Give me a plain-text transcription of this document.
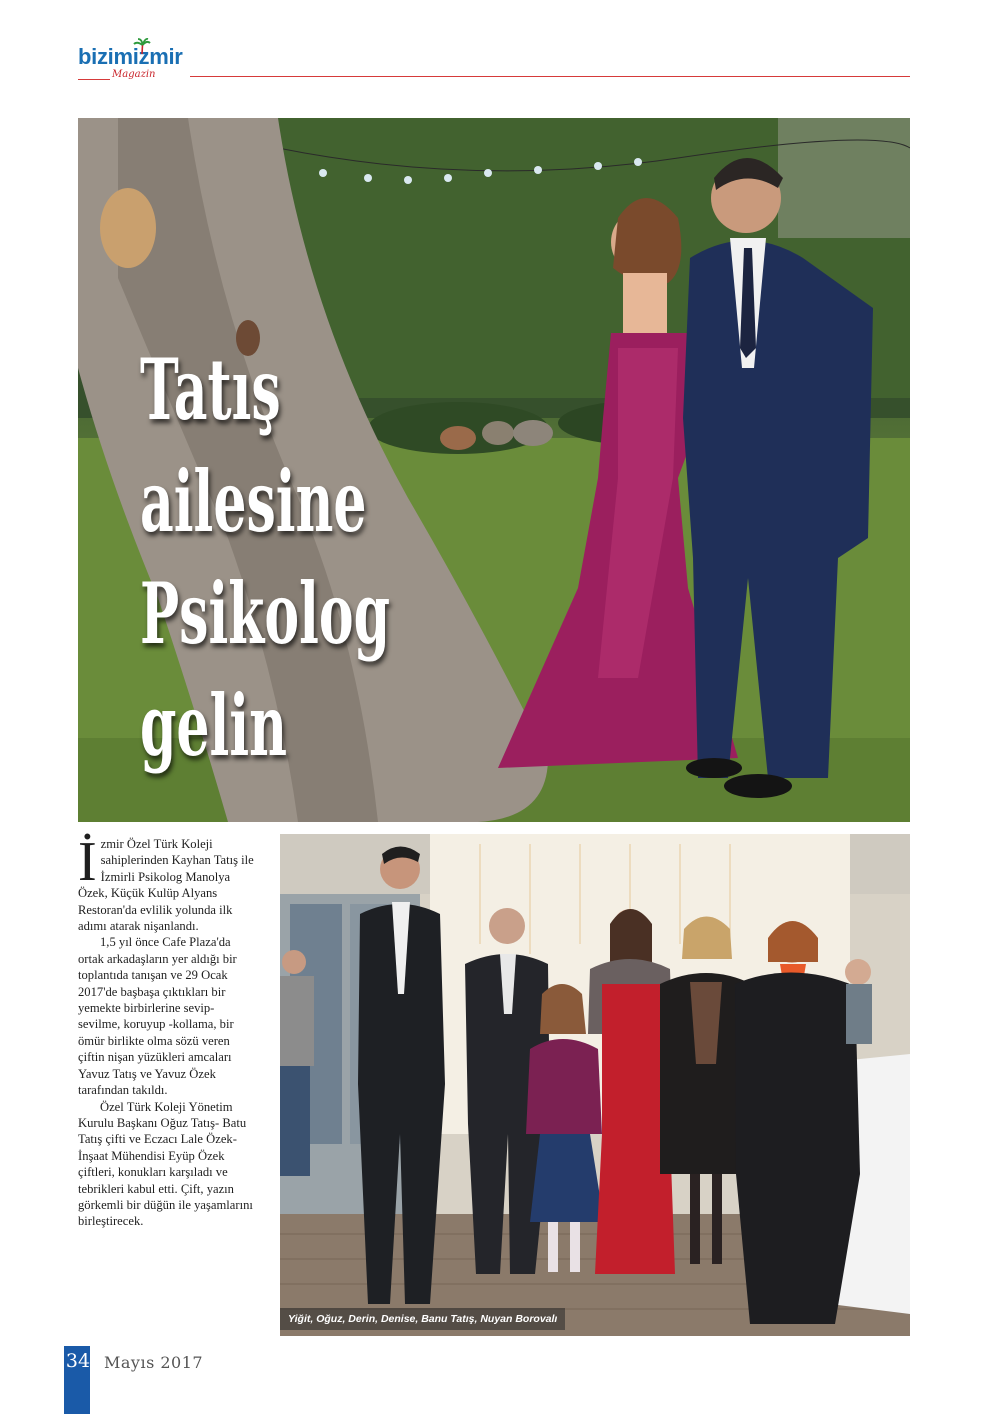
bizimizmir
Magazin
Tatış
ailesine
Psikolog
gelin

İzmir Özel Türk Koleji sahiplerinden Kayhan Tatış ile İzmirli Psikolog Manolya Özek, Küçük Kulüp Alyans Restoran'da evlilik yolunda ilk adımı atarak nişanlandı.

1,5 yıl önce Cafe Plaza'da ortak arkadaşların yer aldığı bir toplantıda tanışan ve 29 Ocak 2017'de başbaşa çıktıkları bir yemekte birbirlerine sevip- sevilme, koruyup -kollama, bir ömür birlikte olma sözü veren çiftin nişan yüzükleri amcaları Yavuz Tatış ve Yavuz Özek tarafından takıldı.

Özel Türk Koleji Yönetim Kurulu Başkanı Oğuz Tatış- Batu Tatış çifti ve Eczacı Lale Özek- İnşaat Mühendisi Eyüp Özek çiftleri, konukları karşıladı ve tebrikleri kabul etti. Çift, yazın görkemli bir düğün ile yaşamlarını birleştirecek.

Yiğit, Oğuz, Derin, Denise, Banu Tatış, Nuyan Borovalı
34 Mayıs 2017
